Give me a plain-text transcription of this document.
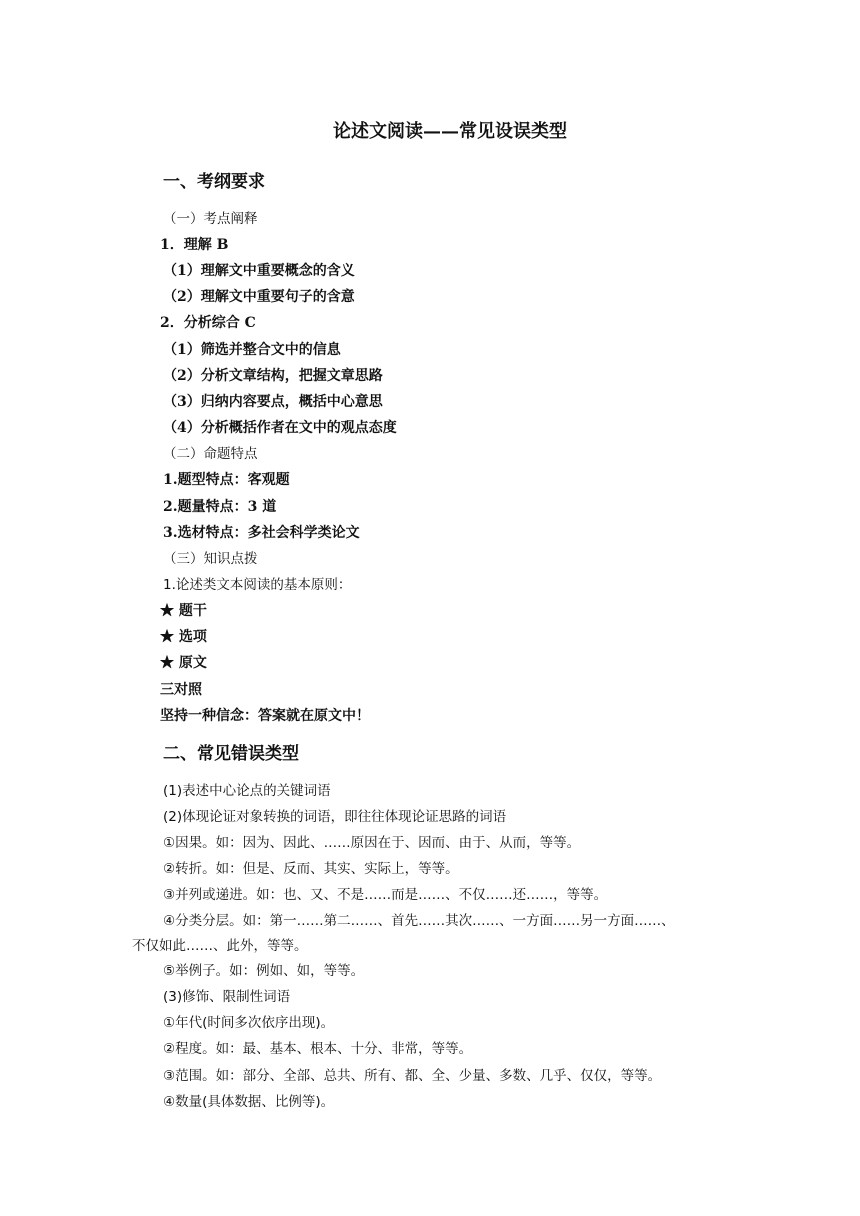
论述文阅读——常见设误类型
一、考纲要求
（一）考点阐释
1．理解 B
（1）理解文中重要概念的含义
（2）理解文中重要句子的含意
2．分析综合 C
（1）筛选并整合文中的信息
（2）分析文章结构，把握文章思路
（3）归纳内容要点，概括中心意思
（4）分析概括作者在文中的观点态度
（二）命题特点
1.题型特点：客观题
2.题量特点：3 道
3.选材特点：多社会科学类论文
（三）知识点拨
1.论述类文本阅读的基本原则：
★ 题干
★ 选项
★ 原文
三对照
坚持一种信念：答案就在原文中！
二、常见错误类型
(1)表述中心论点的关键词语
(2)体现论证对象转换的词语，即往往体现论证思路的词语
①因果。如：因为、因此、……原因在于、因而、由于、从而，等等。
②转折。如：但是、反而、其实、实际上，等等。
③并列或递进。如：也、又、不是……而是……、不仅……还……，等等。
④分类分层。如：第一……第二……、首先……其次……、一方面……另一方面……、
不仅如此……、此外，等等。
⑤举例子。如：例如、如，等等。
(3)修饰、限制性词语
①年代(时间多次依序出现)。
②程度。如：最、基本、根本、十分、非常，等等。
③范围。如：部分、全部、总共、所有、都、全、少量、多数、几乎、仅仅，等等。
④数量(具体数据、比例等)。
